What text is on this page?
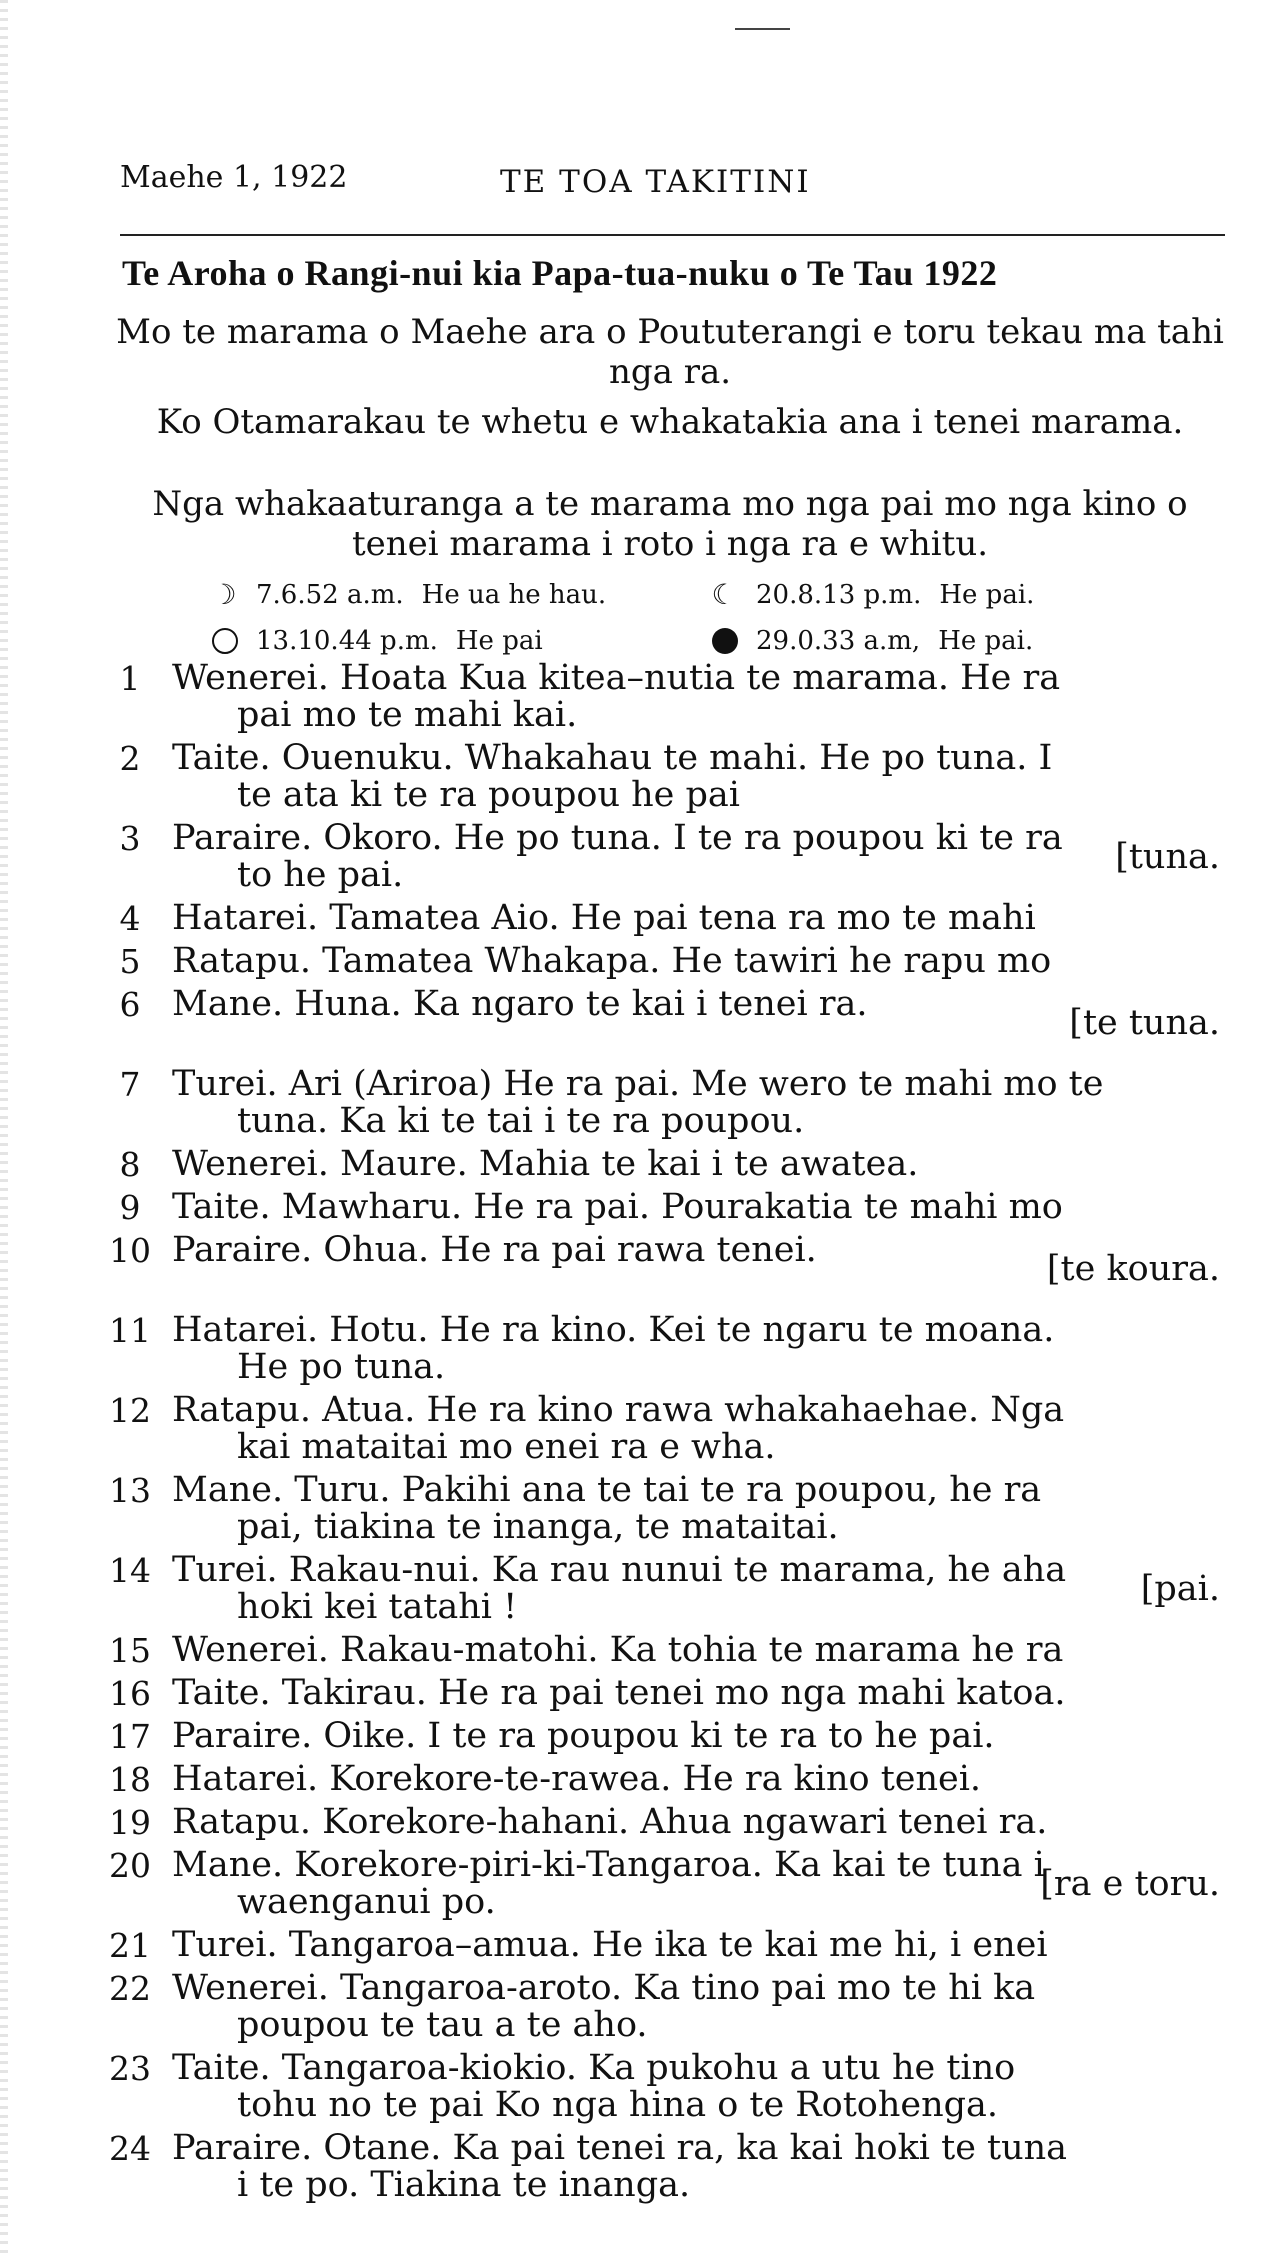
Maehe 1, 1922	TE TOA TAKITINI
Te Aroha o Rangi-nui kia Papa-tua-nuku o Te Tau 1922
Mo te marama o Maehe ara o Poututerangi e toru tekau ma tahi nga ra.
Ko Otamarakau te whetu e whakatakia ana i tenei marama.
Nga whakaaturanga a te marama mo nga pai mo nga kino o tenei marama i roto i nga ra e whitu.
☽ 7.6.52 a.m. He ua he hau.	☾ 20.8.13 p.m. He pai.
13.10.44 p.m. He pai	29.0.33 a.m, He pai.
1 Wenerei. Hoata Kua kitea–nutia te marama. He ra
pai mo te mahi kai.
2 Taite. Ouenuku. Whakahau te mahi. He po tuna. I
te ata ki te ra poupou he pai
3 Paraire. Okoro. He po tuna. I te ra poupou ki te ra
to he pai.	[tuna.
4 Hatarei. Tamatea Aio. He pai tena ra mo te mahi
5 Ratapu. Tamatea Whakapa. He tawiri he rapu mo
6 Mane. Huna. Ka ngaro te kai i tenei ra.	[te tuna.
7 Turei. Ari (Ariroa) He ra pai. Me wero te mahi mo te
tuna. Ka ki te tai i te ra poupou.
8 Wenerei. Maure. Mahia te kai i te awatea.
9 Taite. Mawharu. He ra pai. Pourakatia te mahi mo
10 Paraire. Ohua. He ra pai rawa tenei.	[te koura.
11 Hatarei. Hotu. He ra kino. Kei te ngaru te moana.
He po tuna.
12 Ratapu. Atua. He ra kino rawa whakahaehae. Nga
kai mataitai mo enei ra e wha.
13 Mane. Turu. Pakihi ana te tai te ra poupou, he ra
pai, tiakina te inanga, te mataitai.
14 Turei. Rakau-nui. Ka rau nunui te marama, he aha
hoki kei tatahi !	[pai.
15 Wenerei. Rakau-matohi. Ka tohia te marama he ra
16 Taite. Takirau. He ra pai tenei mo nga mahi katoa.
17 Paraire. Oike. I te ra poupou ki te ra to he pai.
18 Hatarei. Korekore-te-rawea. He ra kino tenei.
19 Ratapu. Korekore-hahani. Ahua ngawari tenei ra.
20 Mane. Korekore-piri-ki-Tangaroa. Ka kai te tuna i
waenganui po.	[ra e toru.
21 Turei. Tangaroa–amua. He ika te kai me hi, i enei
22 Wenerei. Tangaroa-aroto. Ka tino pai mo te hi ka
poupou te tau a te aho.
23 Taite. Tangaroa-kiokio. Ka pukohu a utu he tino
tohu no te pai Ko nga hina o te Rotohenga.
24 Paraire. Otane. Ka pai tenei ra, ka kai hoki te tuna
i te po. Tiakina te inanga.
